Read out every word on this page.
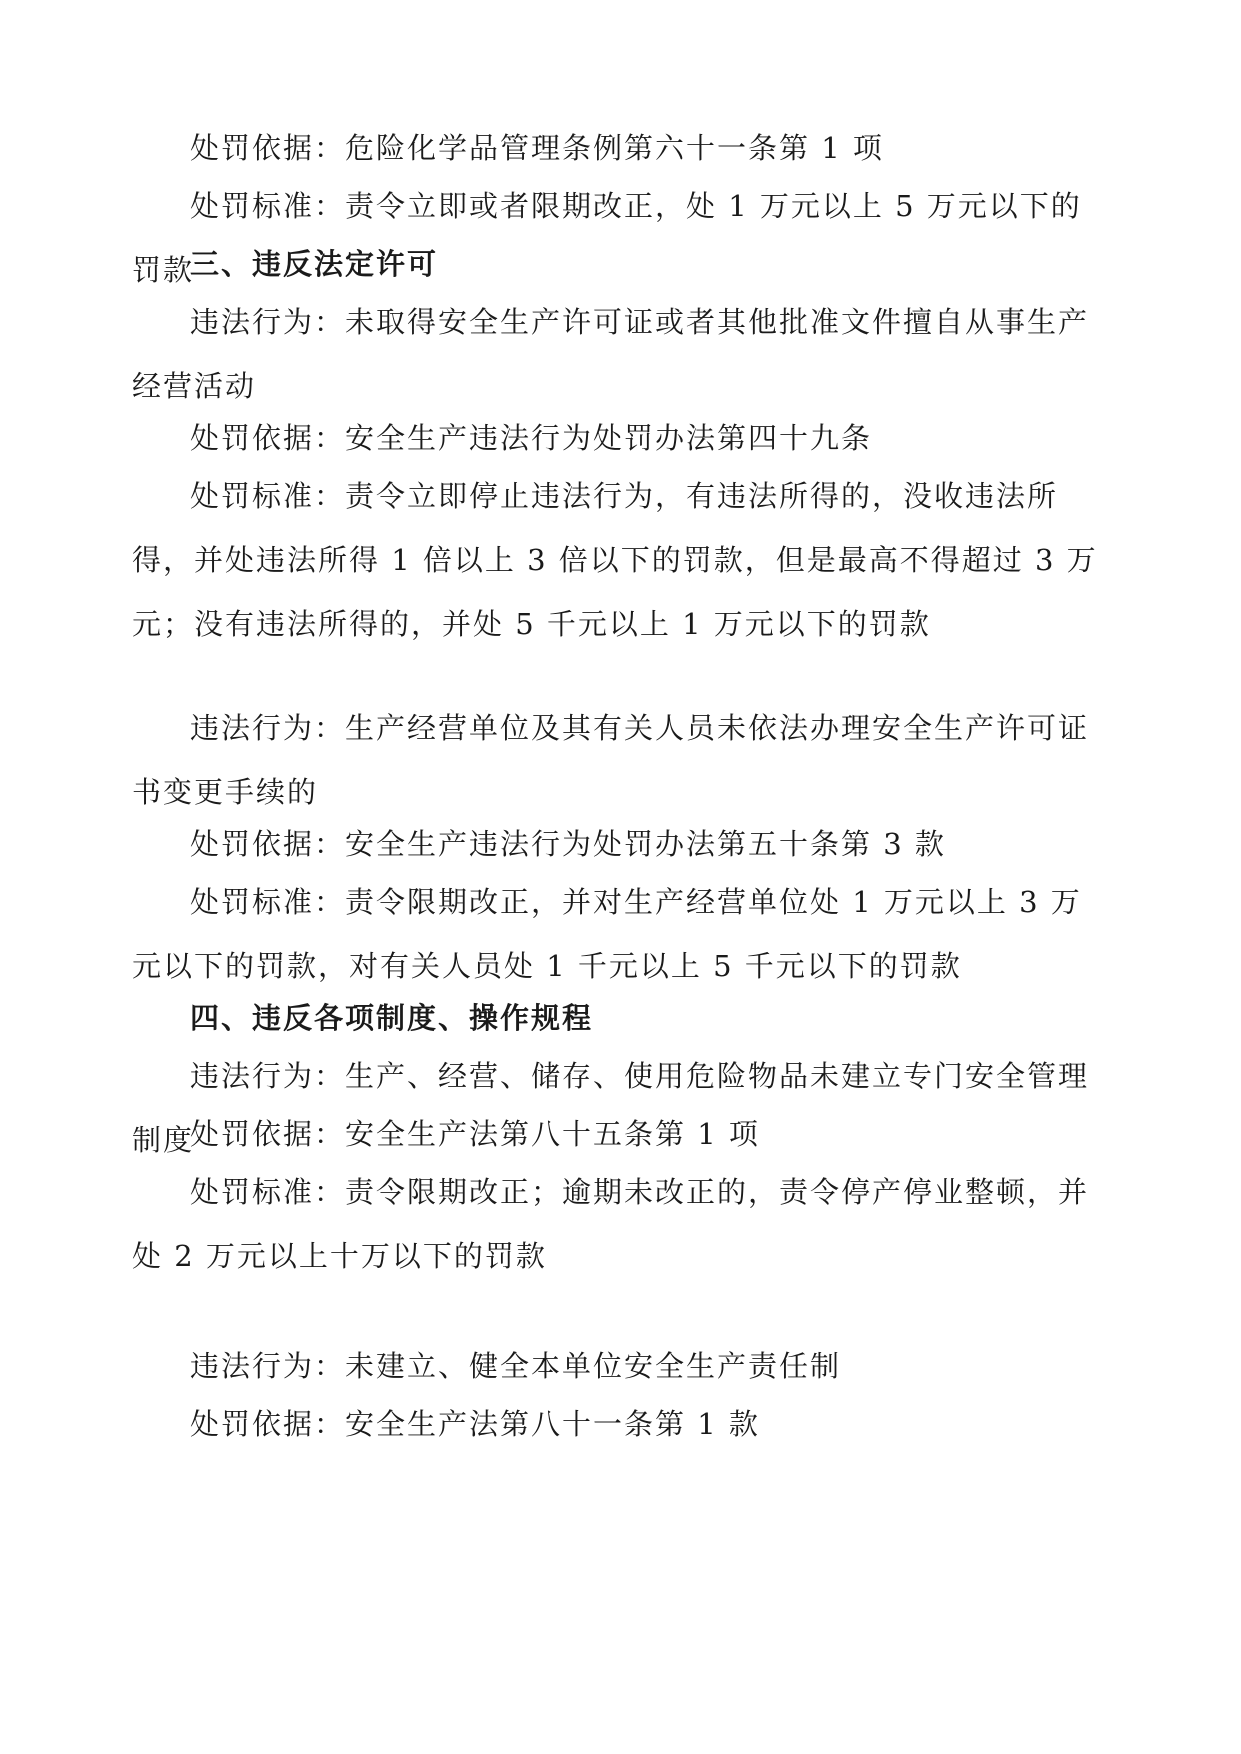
处罚依据：危险化学品管理条例第六十一条第 1 项

处罚标准：责令立即或者限期改正，处 1 万元以上 5 万元以下的罚款

三、违反法定许可

违法行为：未取得安全生产许可证或者其他批准文件擅自从事生产经营活动

处罚依据：安全生产违法行为处罚办法第四十九条

处罚标准：责令立即停止违法行为，有违法所得的，没收违法所得，并处违法所得 1 倍以上 3 倍以下的罚款，但是最高不得超过 3 万元；没有违法所得的，并处 5 千元以上 1 万元以下的罚款

违法行为：生产经营单位及其有关人员未依法办理安全生产许可证书变更手续的

处罚依据：安全生产违法行为处罚办法第五十条第 3 款

处罚标准：责令限期改正，并对生产经营单位处 1 万元以上 3 万元以下的罚款，对有关人员处 1 千元以上 5 千元以下的罚款

四、违反各项制度、操作规程

违法行为：生产、经营、储存、使用危险物品未建立专门安全管理制度

处罚依据：安全生产法第八十五条第 1 项

处罚标准：责令限期改正；逾期未改正的，责令停产停业整顿，并处 2 万元以上十万以下的罚款

违法行为：未建立、健全本单位安全生产责任制

处罚依据：安全生产法第八十一条第 1 款
